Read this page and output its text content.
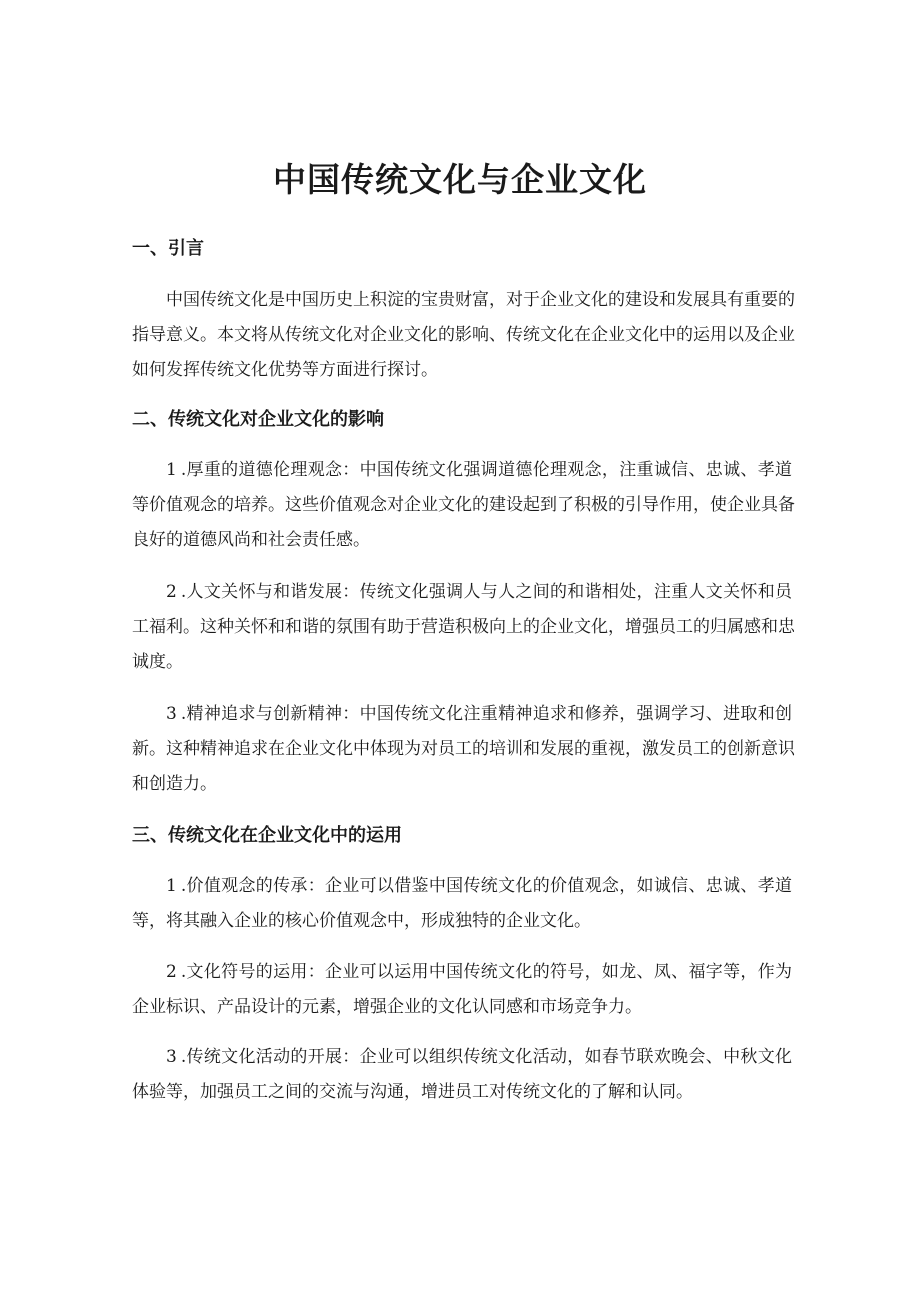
中国传统文化与企业文化
一、引言

中国传统文化是中国历史上积淀的宝贵财富，对于企业文化的建设和发展具有重要的
指导意义。本文将从传统文化对企业文化的影响、传统文化在企业文化中的运用以及企业
如何发挥传统文化优势等方面进行探讨。

二、传统文化对企业文化的影响

1 .厚重的道德伦理观念：中国传统文化强调道德伦理观念，注重诚信、忠诚、孝道
等价值观念的培养。这些价值观念对企业文化的建设起到了积极的引导作用，使企业具备
良好的道德风尚和社会责任感。

2 .人文关怀与和谐发展：传统文化强调人与人之间的和谐相处，注重人文关怀和员
工福利。这种关怀和和谐的氛围有助于营造积极向上的企业文化，增强员工的归属感和忠
诚度。

3 .精神追求与创新精神：中国传统文化注重精神追求和修养，强调学习、进取和创
新。这种精神追求在企业文化中体现为对员工的培训和发展的重视，激发员工的创新意识
和创造力。

三、传统文化在企业文化中的运用

1 .价值观念的传承：企业可以借鉴中国传统文化的价值观念，如诚信、忠诚、孝道
等，将其融入企业的核心价值观念中，形成独特的企业文化。

2 .文化符号的运用：企业可以运用中国传统文化的符号，如龙、凤、福字等，作为
企业标识、产品设计的元素，增强企业的文化认同感和市场竞争力。

3 .传统文化活动的开展：企业可以组织传统文化活动，如春节联欢晚会、中秋文化
体验等，加强员工之间的交流与沟通，增进员工对传统文化的了解和认同。
